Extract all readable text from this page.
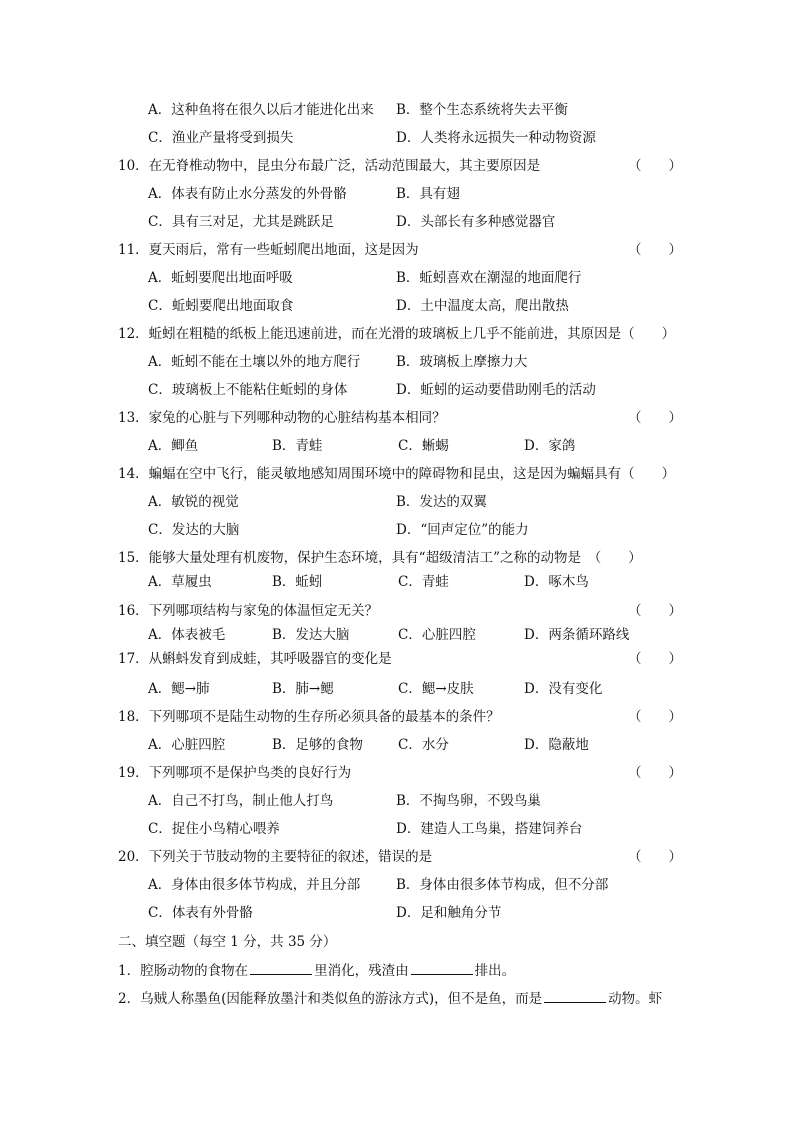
A．这种鱼将在很久以后才能进化出来 B．整个生态系统将失去平衡
C．渔业产量将受到损失	D．人类将永远损失一种动物资源
10．在无脊椎动物中，昆虫分布最广泛，活动范围最大，其主要原因是	（　　）
A．体表有防止水分蒸发的外骨骼	B．具有翅
C．具有三对足，尤其是跳跃足	D．头部长有多种感觉器官
11．夏天雨后，常有一些蚯蚓爬出地面，这是因为	（　　）
A．蚯蚓要爬出地面呼吸	B．蚯蚓喜欢在潮湿的地面爬行
C．蚯蚓要爬出地面取食	D．土中温度太高，爬出散热
12．蚯蚓在粗糙的纸板上能迅速前进，而在光滑的玻璃板上几乎不能前进，其原因是（　　）
A．蚯蚓不能在土壤以外的地方爬行	B．玻璃板上摩擦力大
C．玻璃板上不能粘住蚯蚓的身体	D．蚯蚓的运动要借助刚毛的活动
13．家兔的心脏与下列哪种动物的心脏结构基本相同？	（　　）
A．鲫鱼	B．青蛙	C．蜥蜴	D．家鸽
14．蝙蝠在空中飞行，能灵敏地感知周围环境中的障碍物和昆虫，这是因为蝙蝠具有（　　）
A．敏锐的视觉	B．发达的双翼
C．发达的大脑	D．“回声定位”的能力
15．能够大量处理有机废物，保护生态环境，具有“超级清洁工”之称的动物是　（　　）
A．草履虫	B．蚯蚓	C．青蛙	D．啄木鸟
16．下列哪项结构与家兔的体温恒定无关？	（　　）
A．体表被毛	B．发达大脑	C．心脏四腔	D．两条循环路线
17．从蝌蚪发育到成蛙，其呼吸器官的变化是	（　　）
A．鳃→肺	B．肺→鳃	C．鳃→皮肤	D．没有变化
18．下列哪项不是陆生动物的生存所必须具备的最基本的条件？	（　　）
A．心脏四腔	B．足够的食物	C．水分	D．隐蔽地
19．下列哪项不是保护鸟类的良好行为	（　　）
A．自己不打鸟，制止他人打鸟	B．不掏鸟卵，不毁鸟巢
C．捉住小鸟精心喂养	D．建造人工鸟巢，搭建饲养台
20．下列关于节肢动物的主要特征的叙述，错误的是	（　　）
A．身体由很多体节构成，并且分部	B．身体由很多体节构成，但不分部
C．体表有外骨骼	D．足和触角分节
二、填空题（每空 1 分，共 35 分）
1．腔肠动物的食物在	里消化，残渣由	排出。
2．乌贼人称墨鱼(因能释放墨汁和类似鱼的游泳方式)，但不是鱼，而是	动物。虾
